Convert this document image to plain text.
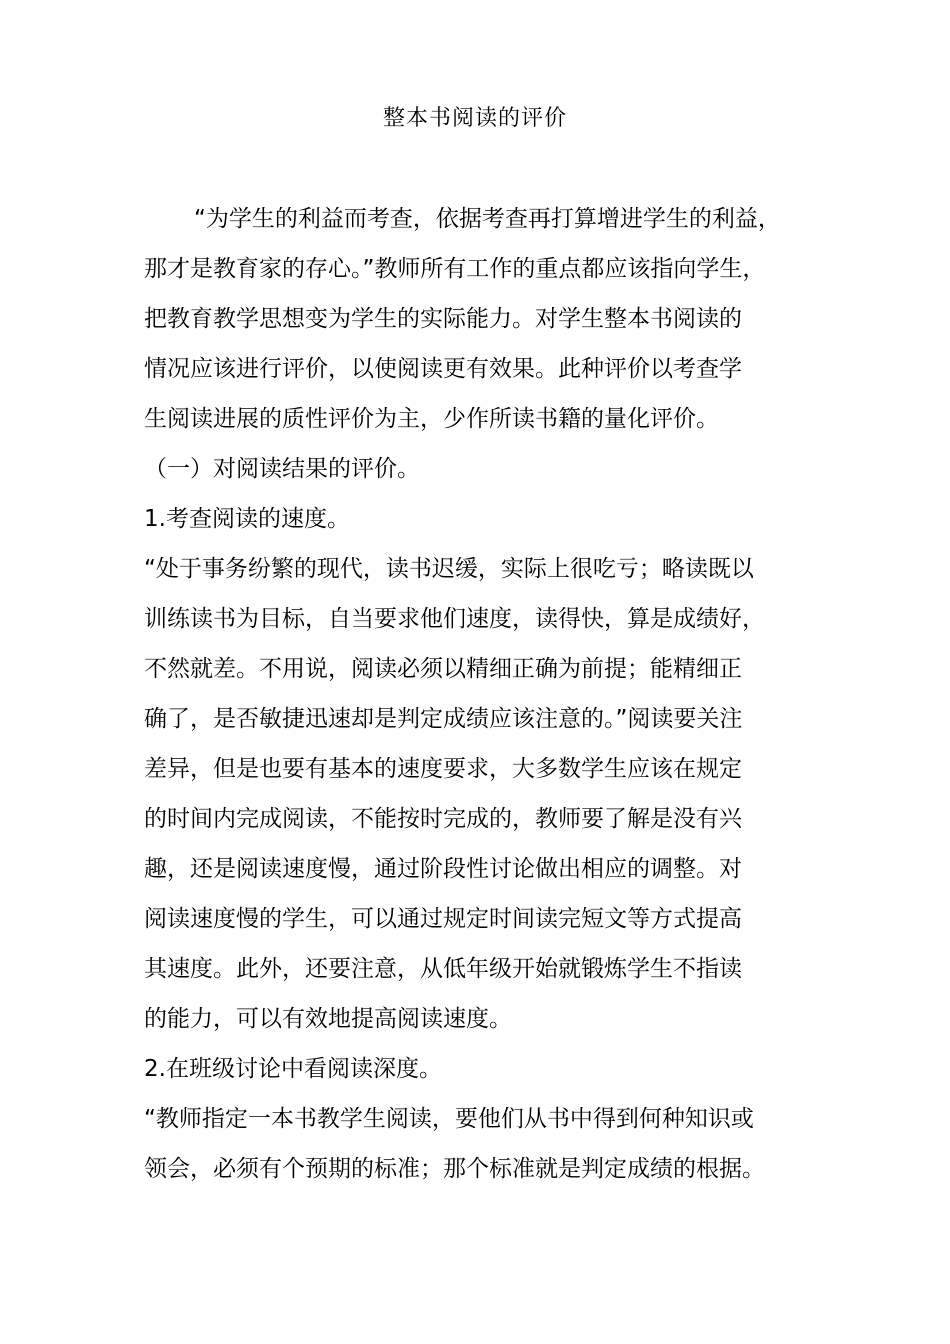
整本书阅读的评价
“为学生的利益而考查，依据考查再打算增进学生的利益，
那才是教育家的存心。”教师所有工作的重点都应该指向学生，
把教育教学思想变为学生的实际能力。对学生整本书阅读的
情况应该进行评价，以使阅读更有效果。此种评价以考查学
生阅读进展的质性评价为主，少作所读书籍的量化评价。
（一）对阅读结果的评价。
1.考查阅读的速度。
“处于事务纷繁的现代，读书迟缓，实际上很吃亏；略读既以
训练读书为目标，自当要求他们速度，读得快，算是成绩好，
不然就差。不用说，阅读必须以精细正确为前提；能精细正
确了，是否敏捷迅速却是判定成绩应该注意的。”阅读要关注
差异，但是也要有基本的速度要求，大多数学生应该在规定
的时间内完成阅读，不能按时完成的，教师要了解是没有兴
趣，还是阅读速度慢，通过阶段性讨论做出相应的调整。对
阅读速度慢的学生，可以通过规定时间读完短文等方式提高
其速度。此外，还要注意，从低年级开始就锻炼学生不指读
的能力，可以有效地提高阅读速度。
2.在班级讨论中看阅读深度。
“教师指定一本书教学生阅读，要他们从书中得到何种知识或
领会，必须有个预期的标准；那个标准就是判定成绩的根据。
